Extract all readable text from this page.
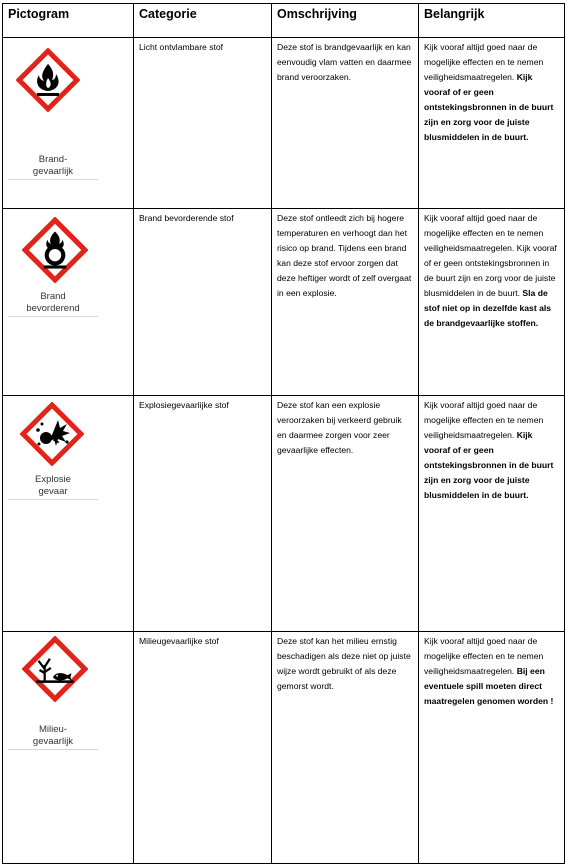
Pictogram	Categorie	Omschrijving	Belangrijk

Brand-
gevaarlijk	Licht ontvlambare stof	Deze stof is brandgevaarlijk en kan eenvoudig vlam vatten en daarmee brand veroorzaken.	Kijk vooraf altijd goed naar de mogelijke effecten en te nemen veiligheidsmaatregelen. Kijk vooraf of er geen ontstekingsbronnen in de buurt zijn en zorg voor de juiste blusmiddelen in de buurt.

Brand
bevorderend	Brand bevorderende stof	Deze stof ontleedt zich bij hogere temperaturen en verhoogt dan het risico op brand. Tijdens een brand kan deze stof ervoor zorgen dat deze heftiger wordt of zelf overgaat in een explosie.	Kijk vooraf altijd goed naar de mogelijke effecten en te nemen veiligheidsmaatregelen. Kijk vooraf of er geen ontstekingsbronnen in de buurt zijn en zorg voor de juiste blusmiddelen in de buurt. Sla de stof niet op in dezelfde kast als de brandgevaarlijke stoffen.

Explosie
gevaar	Explosiegevaarlijke stof	Deze stof kan een explosie veroorzaken bij verkeerd gebruik en daarmee zorgen voor zeer gevaarlijke effecten.	Kijk vooraf altijd goed naar de mogelijke effecten en te nemen veiligheidsmaatregelen. Kijk vooraf of er geen ontstekingsbronnen in de buurt zijn en zorg voor de juiste blusmiddelen in de buurt.

Milieu-
gevaarlijk	Milieugevaarlijke stof	Deze stof kan het milieu ernstig beschadigen als deze niet op juiste wijze wordt gebruikt of als deze gemorst wordt.	Kijk vooraf altijd goed naar de mogelijke effecten en te nemen veiligheidsmaatregelen. Bij een eventuele spill moeten direct maatregelen genomen worden !
